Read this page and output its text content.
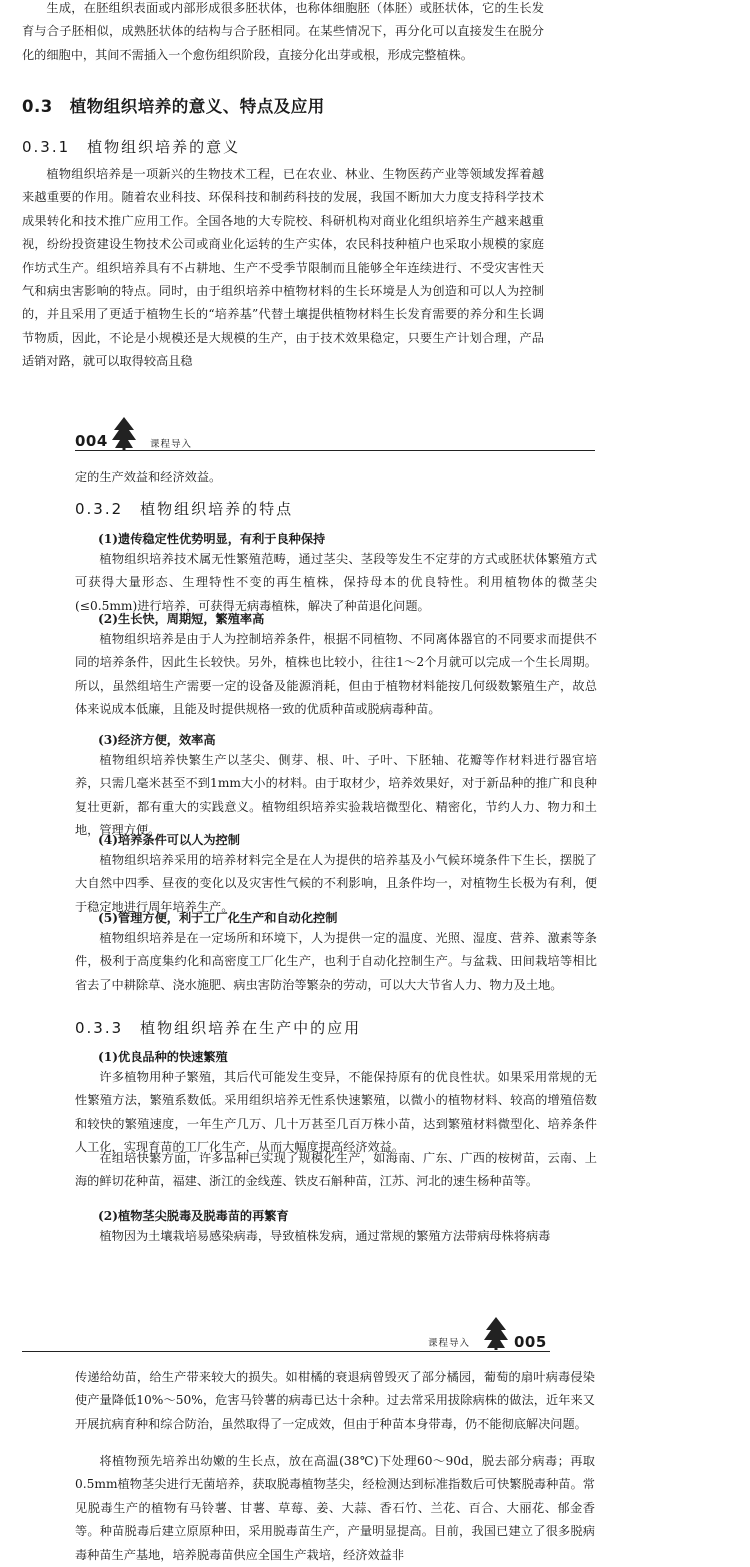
生成，在胚组织表面或内部形成很多胚状体，也称体细胞胚（体胚）或胚状体，它的生长发育与合子胚相似，成熟胚状体的结构与合子胚相同。在某些情况下，再分化可以直接发生在脱分化的细胞中，其间不需插入一个愈伤组织阶段，直接分化出芽或根，形成完整植株。

0.3　植物组织培养的意义、特点及应用
0.3.1　植物组织培养的意义

植物组织培养是一项新兴的生物技术工程，已在农业、林业、生物医药产业等领域发挥着越来越重要的作用。随着农业科技、环保科技和制药科技的发展，我国不断加大力度支持科学技术成果转化和技术推广应用工作。全国各地的大专院校、科研机构对商业化组织培养生产越来越重视，纷纷投资建设生物技术公司或商业化运转的生产实体，农民科技种植户也采取小规模的家庭作坊式生产。组织培养具有不占耕地、生产不受季节限制而且能够全年连续进行、不受灾害性天气和病虫害影响的特点。同时，由于组织培养中植物材料的生长环境是人为创造和可以人为控制的，并且采用了更适于植物生长的“培养基”代替土壤提供植物材料生长发育需要的养分和生长调节物质，因此，不论是小规模还是大规模的生产，由于技术效果稳定，只要生产计划合理，产品适销对路，就可以取得较高且稳

004	课程导入

定的生产效益和经济效益。

0.3.2　植物组织培养的特点
(1)遗传稳定性优势明显，有利于良种保持

植物组织培养技术属无性繁殖范畴，通过茎尖、茎段等发生不定芽的方式或胚状体繁殖方式可获得大量形态、生理特性不变的再生植株，保持母本的优良特性。利用植物体的微茎尖(≤0.5mm)进行培养，可获得无病毒植株，解决了种苗退化问题。

(2)生长快，周期短，繁殖率高

植物组织培养是由于人为控制培养条件，根据不同植物、不同离体器官的不同要求而提供不同的培养条件，因此生长较快。另外，植株也比较小，往往1～2个月就可以完成一个生长周期。所以，虽然组培生产需要一定的设备及能源消耗，但由于植物材料能按几何级数繁殖生产，故总体来说成本低廉，且能及时提供规格一致的优质种苗或脱病毒种苗。

(3)经济方便，效率高

植物组织培养快繁生产以茎尖、侧芽、根、叶、子叶、下胚轴、花瓣等作材料进行器官培养，只需几毫米甚至不到1mm大小的材料。由于取材少，培养效果好，对于新品种的推广和良种复壮更新，都有重大的实践意义。植物组织培养实验栽培微型化、精密化，节约人力、物力和土地，管理方便。

(4)培养条件可以人为控制

植物组织培养采用的培养材料完全是在人为提供的培养基及小气候环境条件下生长，摆脱了大自然中四季、昼夜的变化以及灾害性气候的不利影响，且条件均一，对植物生长极为有利，便于稳定地进行周年培养生产。

(5)管理方便，利于工厂化生产和自动化控制

植物组织培养是在一定场所和环境下，人为提供一定的温度、光照、湿度、营养、激素等条件，极利于高度集约化和高密度工厂化生产，也利于自动化控制生产。与盆栽、田间栽培等相比省去了中耕除草、浇水施肥、病虫害防治等繁杂的劳动，可以大大节省人力、物力及土地。

0.3.3　植物组织培养在生产中的应用
(1)优良品种的快速繁殖

许多植物用种子繁殖，其后代可能发生变异，不能保持原有的优良性状。如果采用常规的无性繁殖方法，繁殖系数低。采用组织培养无性系快速繁殖，以微小的植物材料、较高的增殖倍数和较快的繁殖速度，一年生产几万、几十万甚至几百万株小苗，达到繁殖材料微型化、培养条件人工化，实现育苗的工厂化生产，从而大幅度提高经济效益。

在组培快繁方面，许多品种已实现了规模化生产，如海南、广东、广西的桉树苗，云南、上海的鲜切花种苗，福建、浙江的金线莲、铁皮石斛种苗，江苏、河北的速生杨种苗等。

(2)植物茎尖脱毒及脱毒苗的再繁育

植物因为土壤栽培易感染病毒，导致植株发病，通过常规的繁殖方法带病母株将病毒

课程导入	005

传递给幼苗，给生产带来较大的损失。如柑橘的衰退病曾毁灭了部分橘园，葡萄的扇叶病毒侵染使产量降低10%～50%，危害马铃薯的病毒已达十余种。过去常采用拔除病株的做法，近年来又开展抗病育种和综合防治，虽然取得了一定成效，但由于种苗本身带毒，仍不能彻底解决问题。

将植物预先培养出幼嫩的生长点，放在高温(38℃)下处理60～90d，脱去部分病毒；再取0.5mm植物茎尖进行无菌培养，获取脱毒植物茎尖，经检测达到标准指数后可快繁脱毒种苗。常见脱毒生产的植物有马铃薯、甘薯、草莓、姜、大蒜、香石竹、兰花、百合、大丽花、郁金香等。种苗脱毒后建立原原种田，采用脱毒苗生产，产量明显提高。目前，我国已建立了很多脱病毒种苗生产基地，培养脱毒苗供应全国生产栽培，经济效益非
